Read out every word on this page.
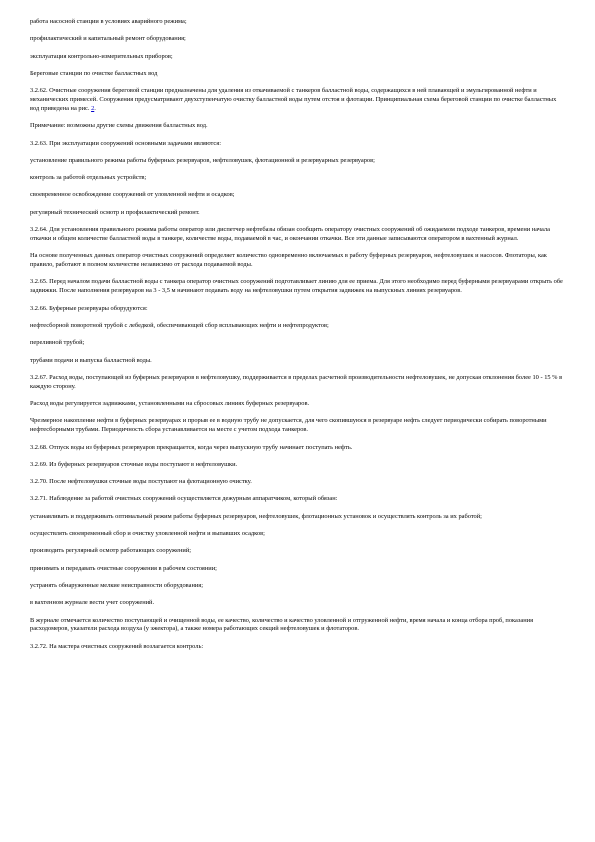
работа насосной станции в условиях аварийного режима;

профилактический и капитальный ремонт оборудования;

эксплуатация контрольно-измерительных приборов;

Береговые станции по очистке балластных вод

3.2.62. Очистные сооружения береговой станции предназначены для удаления из откачиваемой с танкеров балластной воды, содержащихся в ней плавающей и эмульгированной нефти и механических примесей. Сооружения предусматривают двухступенчатую очистку балластной воды путем отстоя и флотации. Принципиальная схема береговой станции по очистке балластных вод приведена на рис. 2.

Примечание: возможны другие схемы движения балластных вод.

3.2.63. При эксплуатации сооружений основными задачами являются:

установление правильного режима работы буферных резервуаров, нефтеловушек, флотационной и резервуарных резервуаров;

контроль за работой отдельных устройств;

своевременное освобождение сооружений от уловленной нефти и осадков;

регулярный технический осмотр и профилактический ремонт.

3.2.64. Для установления правильного режима работы оператор или диспетчер нефтебазы обязан сообщить оператору очистных сооружений об ожидаемом подходе танкеров, времени начала откачки и общем количестве балластной воды в танкере, количестве воды, подаваемой в час, и окончании откачки. Все эти данные записываются оператором в вахтенный журнал.

На основе полученных данных оператор очистных сооружений определяет количество одновременно включаемых в работу буферных резервуаров, нефтеловушек и насосов. Флотаторы, как правило, работают в полном количестве независимо от расхода подаваемой воды.

3.2.65. Перед началом подачи балластной воды с танкера оператор очистных сооружений подготавливает линию для ее приема. Для этого необходимо перед буферными резервуарами открыть обе задвижки. После наполнения резервуаров на 3 - 3,5 м начинают подавать воду на нефтеловушки путем открытия задвижек на выпускных линиях резервуаров.

3.2.66. Буферные резервуары оборудуются:

нефтесборной поворотной трубой с лебедкой, обеспечивающей сбор всплывающих нефти и нефтепродуктов;

переливной трубой;

трубами подачи и выпуска балластной воды.

3.2.67. Расход воды, поступающей из буферных резервуаров в нефтеловушку, поддерживается в пределах расчетной производительности нефтеловушек, не допуская отклонения более 10 - 15 % в каждую сторону.

Расход воды регулируется задвижками, установленными на сбросовых линиях буферных резервуаров.

Чрезмерное накопление нефти в буферных резервуарах и прорыв ее в водную трубу не допускается, для чего скопившуюся в резервуаре нефть следует периодически собирать поворотными нефтесборными трубами. Периодичность сбора устанавливается на месте с учетом подхода танкеров.

3.2.68. Отпуск воды из буферных резервуаров прекращается, когда через выпускную трубу начинает поступать нефть.

3.2.69. Из буферных резервуаров сточные воды поступают в нефтеловушки.

3.2.70. После нефтеловушки сточные воды поступают на флотационную очистку.

3.2.71. Наблюдение за работой очистных сооружений осуществляется дежурным аппаратчиком, который обязан:

устанавливать и поддерживать оптимальный режим работы буферных резервуаров, нефтеловушек, флотационных установок и осуществлять контроль за их работой;

осуществлять своевременный сбор и очистку уловленной нефти и выпавших осадков;

производить регулярный осмотр работающих сооружений;

принимать и передавать очистные сооружения в рабочем состоянии;

устранять обнаруженные мелкие неисправности оборудования;

в вахтенном журнале вести учет сооружений.

В журнале отмечается количество поступающей и очищенной воды, ее качество, количество и качество уловленной и отгруженной нефти, время начала и конца отбора проб, показания расходомеров, указатели расхода воздуха (у эжектора), а также номера работающих секций нефтеловушек и флотаторов.

3.2.72. На мастера очистных сооружений возлагается контроль:
